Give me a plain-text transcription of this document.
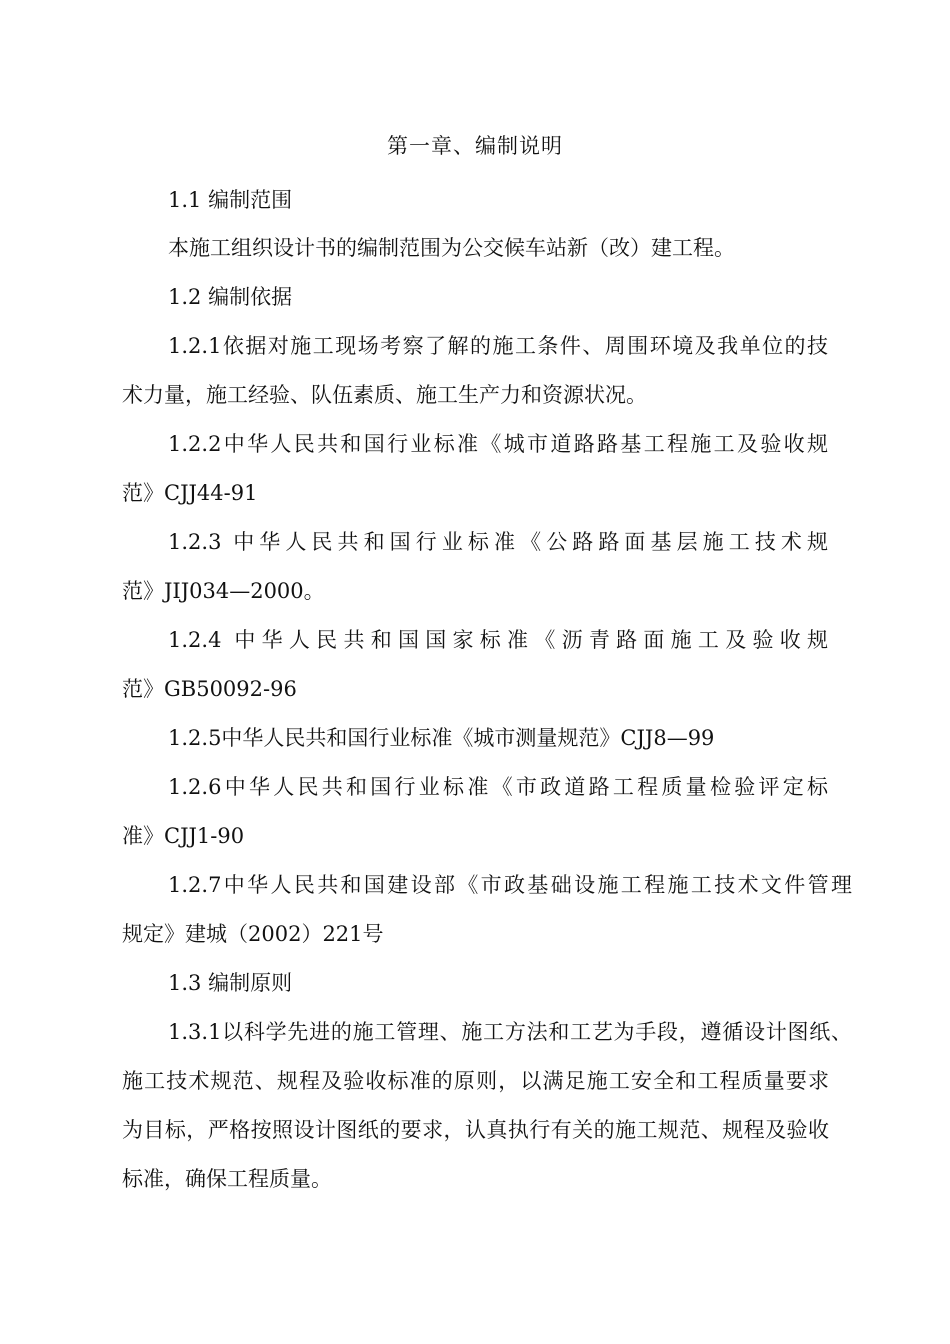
第一章、编制说明
1.1 编制范围
本施工组织设计书的编制范围为公交候车站新（改）建工程。
1.2 编制依据
1.2.1依据对施工现场考察了解的施工条件、周围环境及我单位的技
术力量，施工经验、队伍素质、施工生产力和资源状况。
1.2.2中华人民共和国行业标准《城市道路路基工程施工及验收规
范》CJJ44-91
1.2.3 中华人民共和国行业标准《公路路面基层施工技术规
范》JIJ034—2000。
1.2.4 中华人民共和国国家标准《沥青路面施工及验收规
范》GB50092-96
1.2.5中华人民共和国行业标准《城市测量规范》CJJ8—99
1.2.6中华人民共和国行业标准《市政道路工程质量检验评定标
准》CJJ1-90
1.2.7中华人民共和国建设部《市政基础设施工程施工技术文件管理
规定》建城（2002）221号
1.3 编制原则
1.3.1以科学先进的施工管理、施工方法和工艺为手段，遵循设计图纸、
施工技术规范、规程及验收标准的原则，以满足施工安全和工程质量要求
为目标，严格按照设计图纸的要求，认真执行有关的施工规范、规程及验收
标准，确保工程质量。
